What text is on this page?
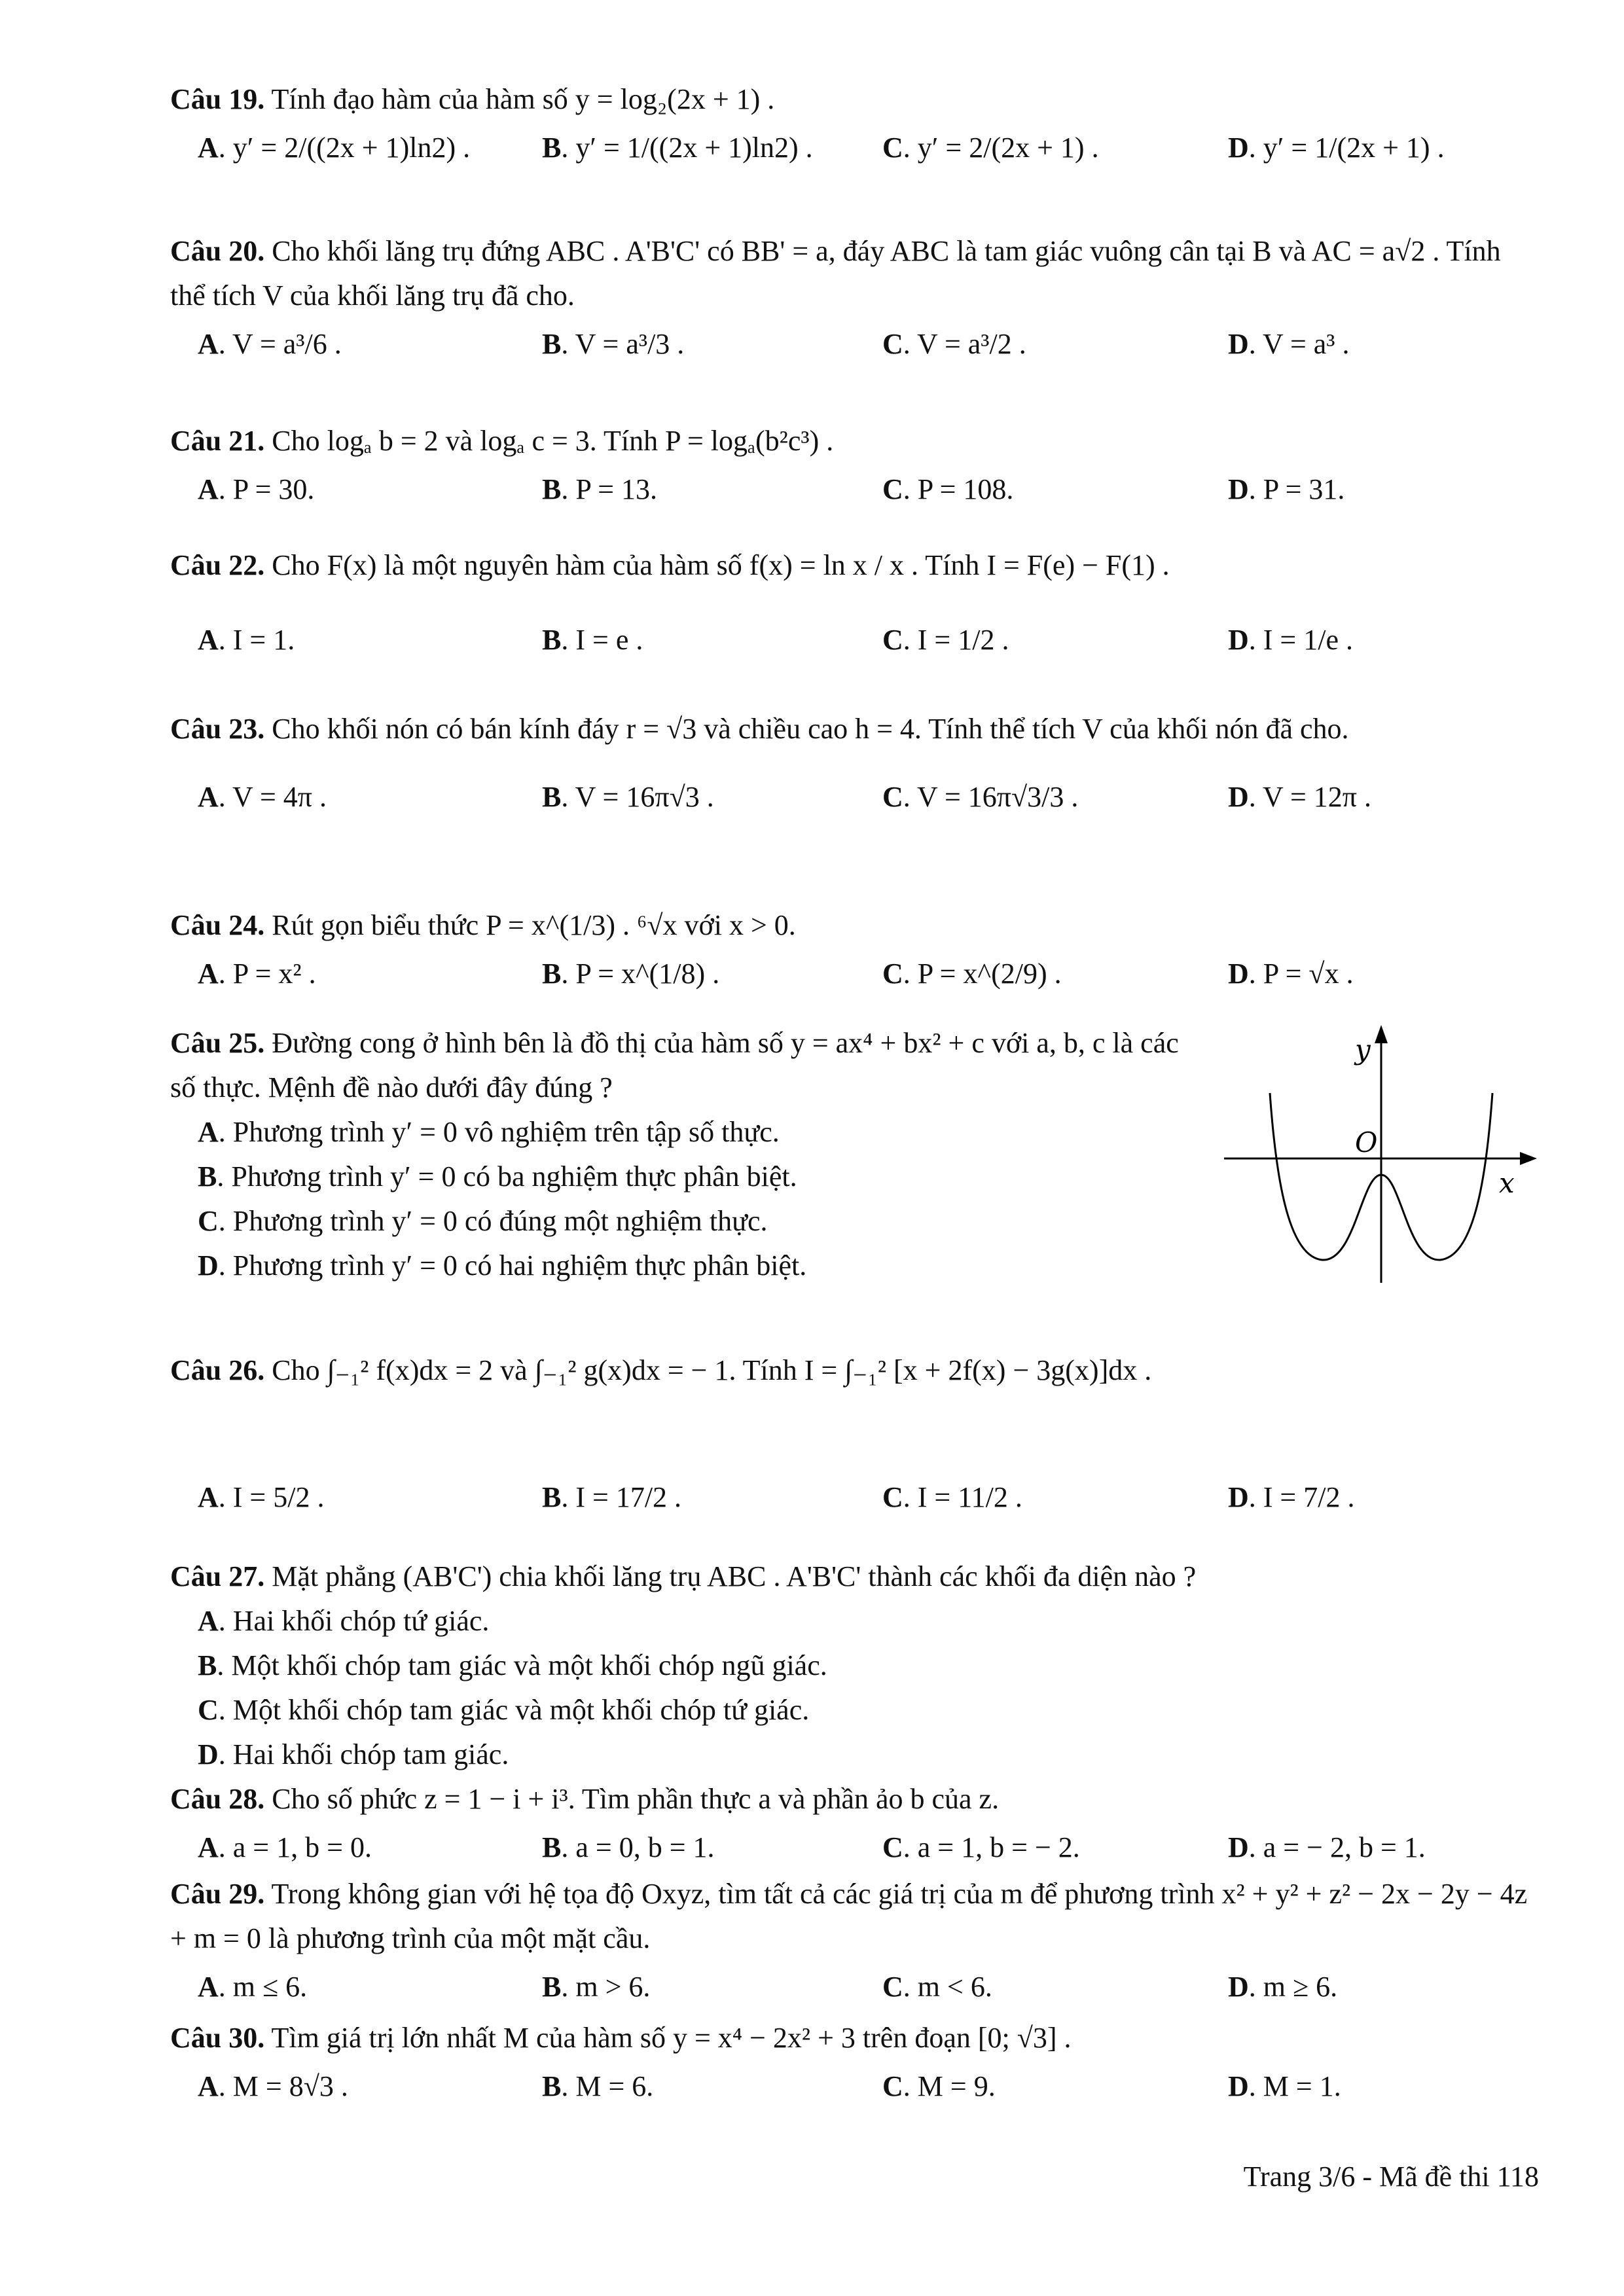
Câu 19. Tính đạo hàm của hàm số y = log₂(2x + 1) .
A. y′ = 2/((2x + 1)ln2) . B. y′ = 1/((2x + 1)ln2) . C. y′ = 2/(2x + 1) .	D. y′ = 1/(2x + 1) .
Câu 20. Cho khối lăng trụ đứng ABC . A'B'C' có BB' = a, đáy ABC là tam giác vuông cân tại B và AC = a√2 . Tính thể tích V của khối lăng trụ đã cho.
A. V = a³/6 .	B. V = a³/3 .	C. V = a³/2 .	D. V = a³ .
Câu 21. Cho logₐ b = 2 và logₐ c = 3. Tính P = logₐ(b²c³) .
A. P = 30.	B. P = 13.	C. P = 108.	D. P = 31.
Câu 22. Cho F(x) là một nguyên hàm của hàm số f(x) = ln x / x . Tính I = F(e) − F(1) .
A. I = 1.	B. I = e .	C. I = 1/2 .	D. I = 1/e .
Câu 23. Cho khối nón có bán kính đáy r = √3 và chiều cao h = 4. Tính thể tích V của khối nón đã cho.
A. V = 4π .	B. V = 16π√3 .	C. V = 16π√3/3 .	D. V = 12π .
Câu 24. Rút gọn biểu thức P = x^(1/3) . ⁶√x với x > 0.
A. P = x² .	B. P = x^(1/8) .	C. P = x^(2/9) .	D. P = √x .
Câu 25. Đường cong ở hình bên là đồ thị của hàm số y = ax⁴ + bx² + c với a, b, c là các số thực. Mệnh đề nào dưới đây đúng ?
A. Phương trình y′ = 0 vô nghiệm trên tập số thực.
B. Phương trình y′ = 0 có ba nghiệm thực phân biệt.
C. Phương trình y′ = 0 có đúng một nghiệm thực.
D. Phương trình y′ = 0 có hai nghiệm thực phân biệt.
y
x
O
Câu 26. Cho ∫₋₁² f(x)dx = 2 và ∫₋₁² g(x)dx = − 1. Tính I = ∫₋₁² [x + 2f(x) − 3g(x)]dx .
A. I = 5/2 .	B. I = 17/2 .	C. I = 11/2 .	D. I = 7/2 .
Câu 27. Mặt phẳng (AB'C') chia khối lăng trụ ABC . A'B'C' thành các khối đa diện nào ?
A. Hai khối chóp tứ giác.
B. Một khối chóp tam giác và một khối chóp ngũ giác.
C. Một khối chóp tam giác và một khối chóp tứ giác.
D. Hai khối chóp tam giác.
Câu 28. Cho số phức z = 1 − i + i³. Tìm phần thực a và phần ảo b của z.
A. a = 1, b = 0.	B. a = 0, b = 1.	C. a = 1, b = − 2.	D. a = − 2, b = 1.
Câu 29. Trong không gian với hệ tọa độ Oxyz, tìm tất cả các giá trị của m để phương trình x² + y² + z² − 2x − 2y − 4z + m = 0 là phương trình của một mặt cầu.
A. m ≤ 6.	B. m > 6.	C. m < 6.	D. m ≥ 6.
Câu 30. Tìm giá trị lớn nhất M của hàm số y = x⁴ − 2x² + 3 trên đoạn [0; √3] .
A. M = 8√3 .	B. M = 6.	C. M = 9.	D. M = 1.
Trang 3/6 - Mã đề thi 118
